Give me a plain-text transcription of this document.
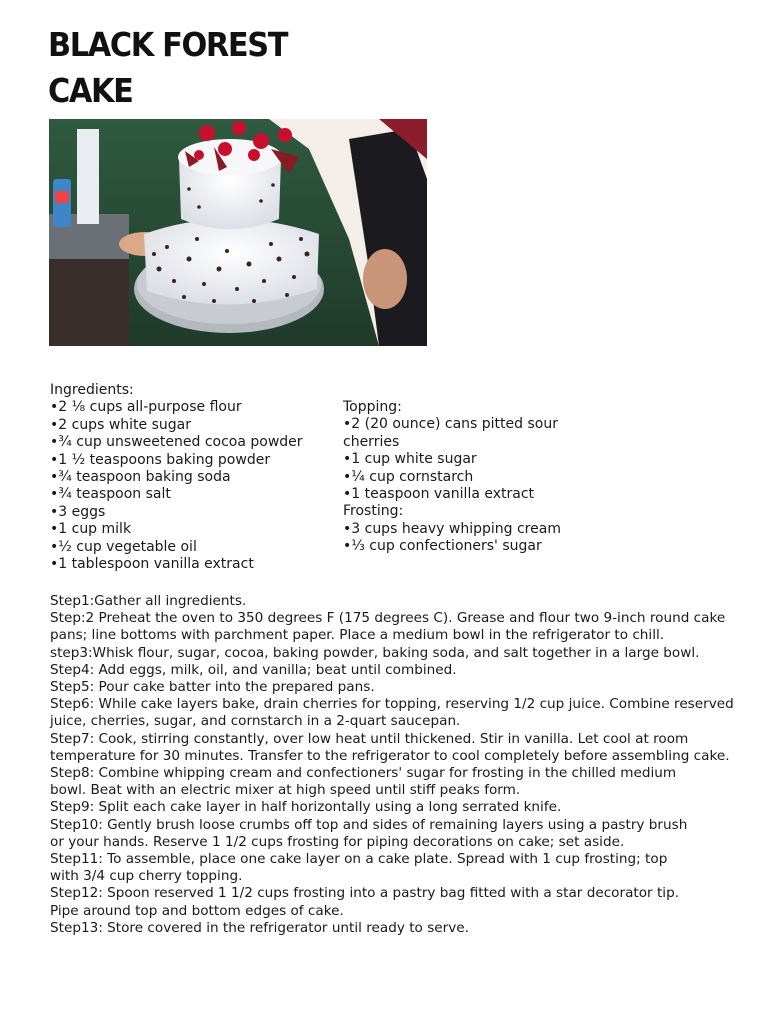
BLACK FOREST
CAKE
Ingredients:
•2 ⅛ cups all-purpose flour
•2 cups white sugar
•¾ cup unsweetened cocoa powder
•1 ½ teaspoons baking powder
•¾ teaspoon baking soda
•¾ teaspoon salt
•3 eggs
•1 cup milk
•½ cup vegetable oil
•1 tablespoon vanilla extract
Topping:
•2 (20 ounce) cans pitted sour
cherries
•1 cup white sugar
•¼ cup cornstarch
•1 teaspoon vanilla extract
Frosting:
•3 cups heavy whipping cream
•⅓ cup confectioners' sugar
Step1:Gather all ingredients.
Step:2 Preheat the oven to 350 degrees F (175 degrees C). Grease and flour two 9-inch round cake
pans; line bottoms with parchment paper. Place a medium bowl in the refrigerator to chill.
step3:Whisk flour, sugar, cocoa, baking powder, baking soda, and salt together in a large bowl.
Step4: Add eggs, milk, oil, and vanilla; beat until combined.
Step5: Pour cake batter into the prepared pans.
Step6: While cake layers bake, drain cherries for topping, reserving 1/2 cup juice. Combine reserved
juice, cherries, sugar, and cornstarch in a 2-quart saucepan.
Step7: Cook, stirring constantly, over low heat until thickened. Stir in vanilla. Let cool at room
temperature for 30 minutes. Transfer to the refrigerator to cool completely before assembling cake.
Step8: Combine whipping cream and confectioners' sugar for frosting in the chilled medium
bowl. Beat with an electric mixer at high speed until stiff peaks form.
Step9: Split each cake layer in half horizontally using a long serrated knife.
Step10: Gently brush loose crumbs off top and sides of remaining layers using a pastry brush
or your hands. Reserve 1 1/2 cups frosting for piping decorations on cake; set aside.
Step11: To assemble, place one cake layer on a cake plate. Spread with 1 cup frosting; top
with 3/4 cup cherry topping.
Step12: Spoon reserved 1 1/2 cups frosting into a pastry bag fitted with a star decorator tip.
Pipe around top and bottom edges of cake.
Step13: Store covered in the refrigerator until ready to serve.
